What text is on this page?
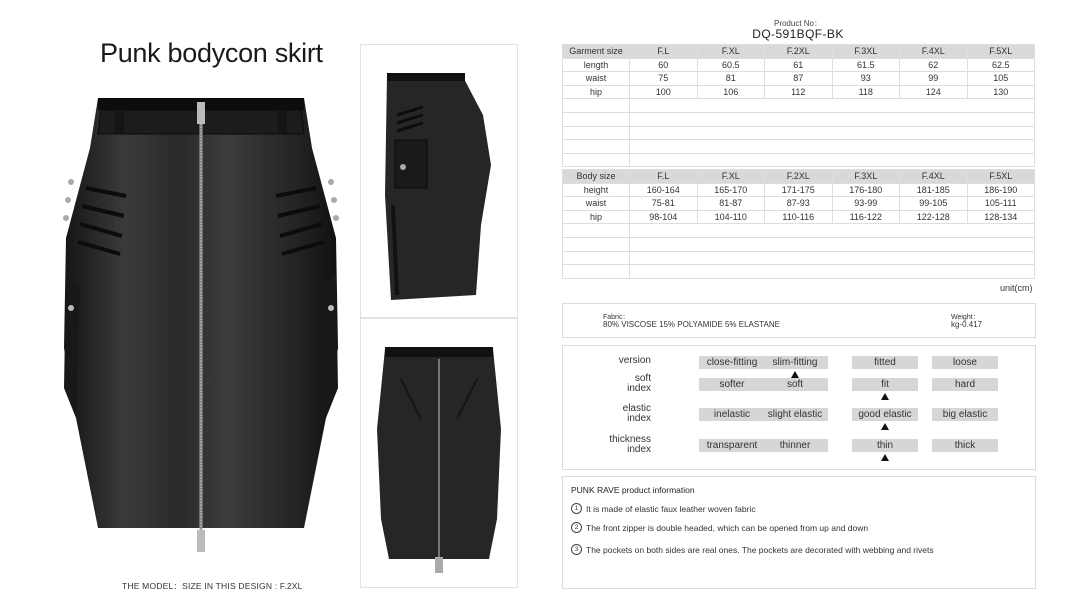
Punk bodycon skirt
THE MODEL：SIZE IN THIS DESIGN : F.2XL
Product No：
DQ-591BQF-BK
Garment size	F.L	F.XL	F.2XL	F.3XL	F.4XL	F.5XL
length	60	60.5	61	61.5	62	62.5
waist	75	81	87	93	99	105
hip	100	106	112	118	124	130

Body size	F.L	F.XL	F.2XL	F.3XL	F.4XL	F.5XL
height	160-164	165-170	171-175	176-180	181-185	186-190
waist	75-81	81-87	87-93	93-99	99-105	105-111
hip	98-104	104-110	110-116	116-122	122-128	128-134

unit(cm)
Fabric：
80% VISCOSE 15% POLYAMIDE 5% ELASTANE
Weight：
kg-0.417
version	close-fitting	slim-fitting	fitted	loose
soft
index	softer	soft	fit	hard
elastic
index	inelastic	slight elastic	good elastic	big elastic
thickness
index	transparent	thinner	thin	thick
PUNK RAVE product information
1 It is made of elastic faux leather woven fabric
2 The front zipper is double headed, which can be opened from up and down
3 The pockets on both sides are real ones. The pockets are decorated with webbing and rivets
